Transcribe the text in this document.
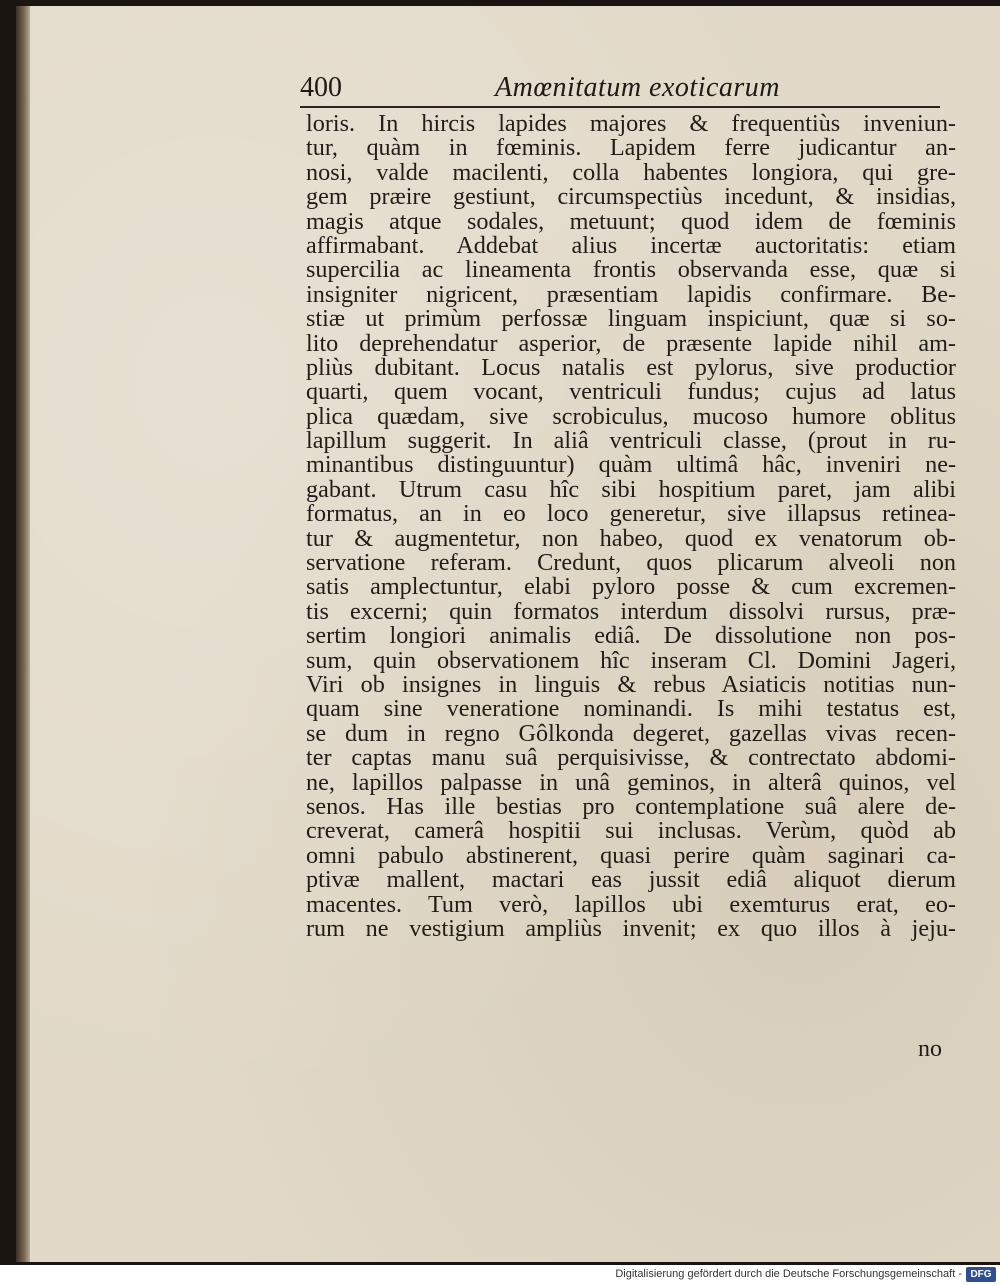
400	Amœnitatum exoticarum
loris. In hircis lapides majores & frequentiùs inveniun-
tur, quàm in fœminis. Lapidem ferre judicantur an-
nosi, valde macilenti, colla habentes longiora, qui gre-
gem præire gestiunt, circumspectiùs incedunt, & insidias,
magis atque sodales, metuunt; quod idem de fœminis
affirmabant. Addebat alius incertæ auctoritatis: etiam
supercilia ac lineamenta frontis observanda esse, quæ si
insigniter nigricent, præsentiam lapidis confirmare. Be-
stiæ ut primùm perfossæ linguam inspiciunt, quæ si so-
lito deprehendatur asperior, de præsente lapide nihil am-
pliùs dubitant. Locus natalis est pylorus, sive productior
quarti, quem vocant, ventriculi fundus; cujus ad latus
plica quædam, sive scrobiculus, mucoso humore oblitus
lapillum suggerit. In aliâ ventriculi classe, (prout in ru-
minantibus distinguuntur) quàm ultimâ hâc, inveniri ne-
gabant. Utrum casu hîc sibi hospitium paret, jam alibi
formatus, an in eo loco generetur, sive illapsus retinea-
tur & augmentetur, non habeo, quod ex venatorum ob-
servatione referam. Credunt, quos plicarum alveoli non
satis amplectuntur, elabi pyloro posse & cum excremen-
tis excerni; quin formatos interdum dissolvi rursus, præ-
sertim longiori animalis ediâ. De dissolutione non pos-
sum, quin observationem hîc inseram Cl. Domini Jageri,
Viri ob insignes in linguis & rebus Asiaticis notitias nun-
quam sine veneratione nominandi. Is mihi testatus est,
se dum in regno Gôlkonda degeret, gazellas vivas recen-
ter captas manu suâ perquisivisse, & contrectato abdomi-
ne, lapillos palpasse in unâ geminos, in alterâ quinos, vel
senos. Has ille bestias pro contemplatione suâ alere de-
creverat, camerâ hospitii sui inclusas. Verùm, quòd ab
omni pabulo abstinerent, quasi perire quàm saginari ca-
ptivæ mallent, mactari eas jussit ediâ aliquot dierum
macentes. Tum verò, lapillos ubi exemturus erat, eo-
rum ne vestigium ampliùs invenit; ex quo illos à jeju-
no
Digitalisierung gefördert durch die Deutsche Forschungsgemeinschaft - DFG
